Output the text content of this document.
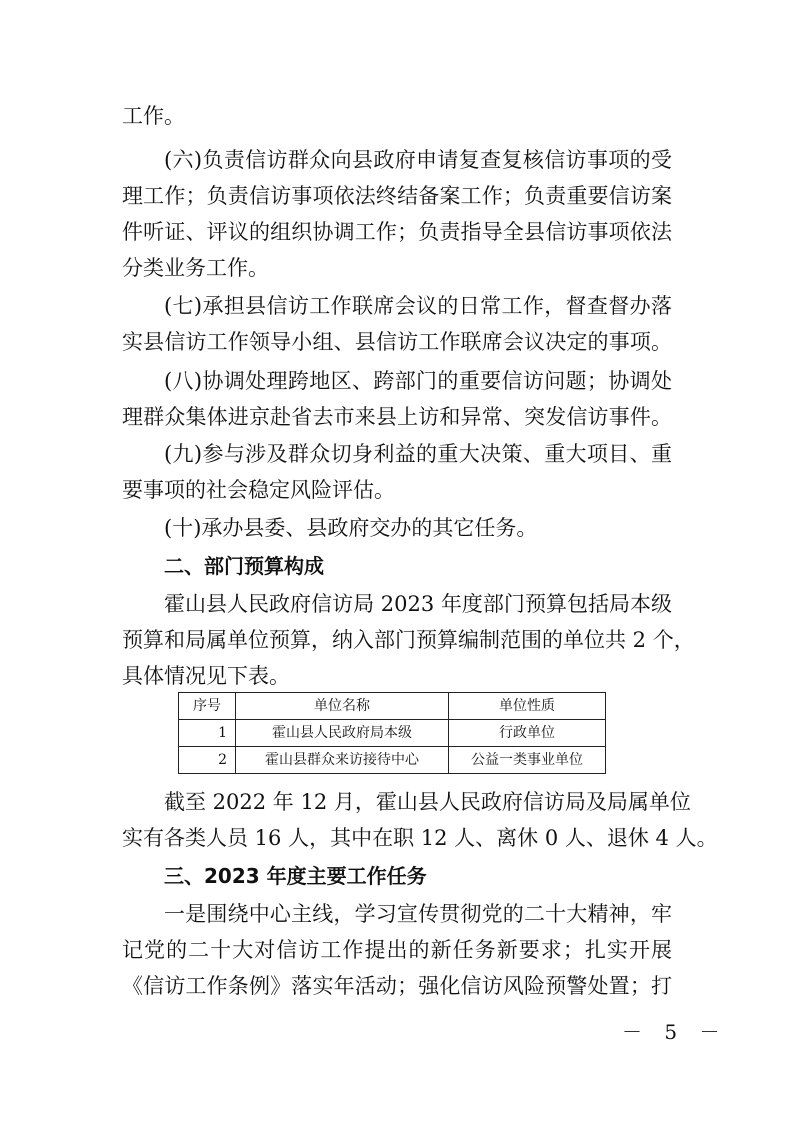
工作。
(六)负责信访群众向县政府申请复查复核信访事项的受
理工作；负责信访事项依法终结备案工作；负责重要信访案
件听证、评议的组织协调工作；负责指导全县信访事项依法
分类业务工作。
(七)承担县信访工作联席会议的日常工作，督查督办落
实县信访工作领导小组、县信访工作联席会议决定的事项。
(八)协调处理跨地区、跨部门的重要信访问题；协调处
理群众集体进京赴省去市来县上访和异常、突发信访事件。
(九)参与涉及群众切身利益的重大决策、重大项目、重
要事项的社会稳定风险评估。
(十)承办县委、县政府交办的其它任务。
二、部门预算构成
霍山县人民政府信访局 2023 年度部门预算包括局本级
预算和局属单位预算，纳入部门预算编制范围的单位共 2 个，
具体情况见下表。
序号	单位名称	单位性质
1	霍山县人民政府局本级	行政单位
2	霍山县群众来访接待中心	公益一类事业单位
截至 2022 年 12 月，霍山县人民政府信访局及局属单位
实有各类人员 16 人，其中在职 12 人、离休 0 人、退休 4 人。
三、2023 年度主要工作任务
一是围绕中心主线，学习宣传贯彻党的二十大精神，牢
记党的二十大对信访工作提出的新任务新要求；扎实开展
《信访工作条例》落实年活动；强化信访风险预警处置；打
－ 5 －
